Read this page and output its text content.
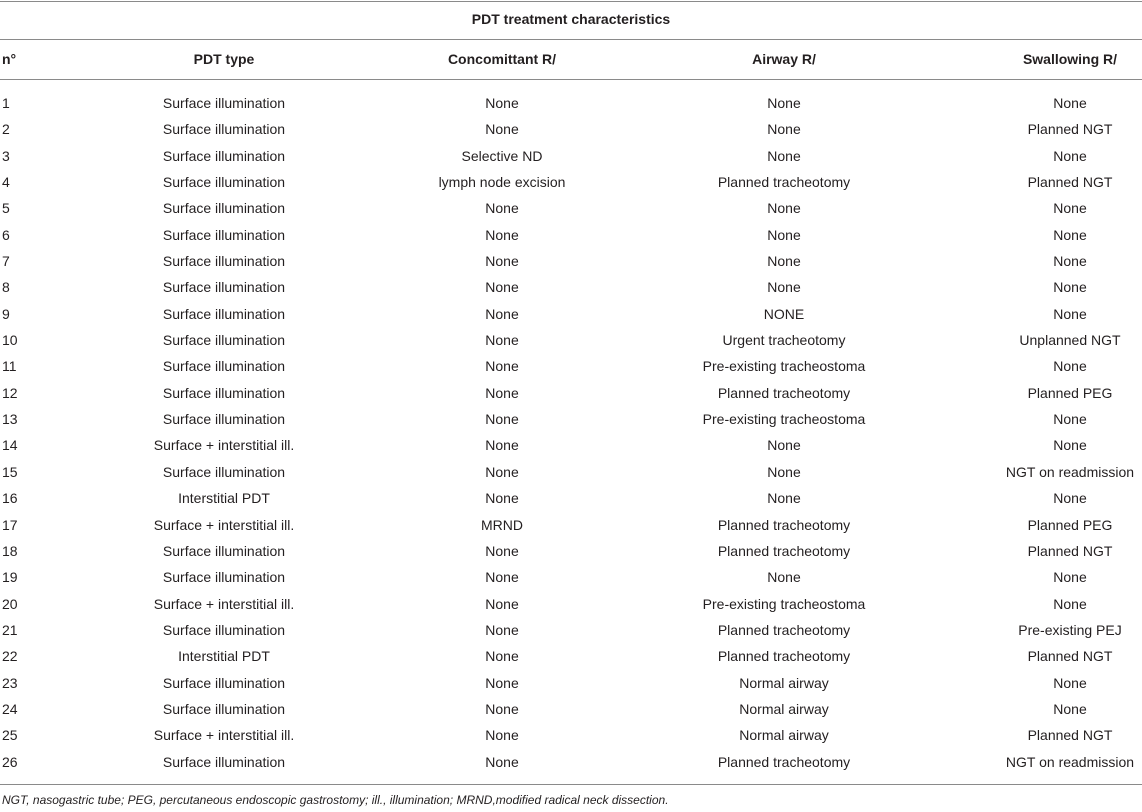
PDT treatment characteristics
n°	PDT type	Concomittant R/	Airway R/	Swallowing R/
1	Surface illumination	None	None	None
2	Surface illumination	None	None	Planned NGT
3	Surface illumination	Selective ND	None	None
4	Surface illumination	lymph node excision	Planned tracheotomy	Planned NGT
5	Surface illumination	None	None	None
6	Surface illumination	None	None	None
7	Surface illumination	None	None	None
8	Surface illumination	None	None	None
9	Surface illumination	None	NONE	None
10	Surface illumination	None	Urgent tracheotomy	Unplanned NGT
11	Surface illumination	None	Pre-existing tracheostoma	None
12	Surface illumination	None	Planned tracheotomy	Planned PEG
13	Surface illumination	None	Pre-existing tracheostoma	None
14	Surface + interstitial ill.	None	None	None
15	Surface illumination	None	None	NGT on readmission
16	Interstitial PDT	None	None	None
17	Surface + interstitial ill.	MRND	Planned tracheotomy	Planned PEG
18	Surface illumination	None	Planned tracheotomy	Planned NGT
19	Surface illumination	None	None	None
20	Surface + interstitial ill.	None	Pre-existing tracheostoma	None
21	Surface illumination	None	Planned tracheotomy	Pre-existing PEJ
22	Interstitial PDT	None	Planned tracheotomy	Planned NGT
23	Surface illumination	None	Normal airway	None
24	Surface illumination	None	Normal airway	None
25	Surface + interstitial ill.	None	Normal airway	Planned NGT
26	Surface illumination	None	Planned tracheotomy	NGT on readmission
NGT, nasogastric tube; PEG, percutaneous endoscopic gastrostomy; ill., illumination; MRND,modified radical neck dissection.
